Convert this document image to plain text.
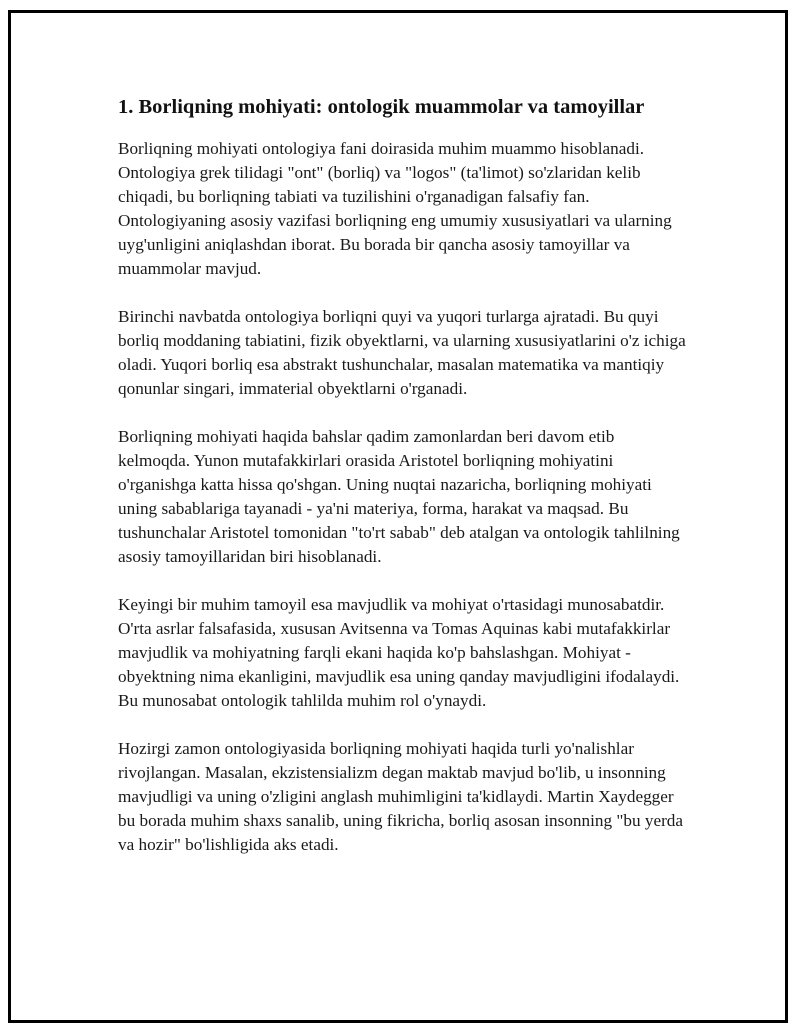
1. Borliqning mohiyati: ontologik muammolar va tamoyillar

Borliqning mohiyati ontologiya fani doirasida muhim muammo hisoblanadi. Ontologiya grek tilidagi "ont" (borliq) va "logos" (ta'limot) so'zlaridan kelib chiqadi, bu borliqning tabiati va tuzilishini o'rganadigan falsafiy fan. Ontologiyaning asosiy vazifasi borliqning eng umumiy xususiyatlari va ularning uyg'unligini aniqlashdan iborat. Bu borada bir qancha asosiy tamoyillar va muammolar mavjud.

Birinchi navbatda ontologiya borliqni quyi va yuqori turlarga ajratadi. Bu quyi borliq moddaning tabiatini, fizik obyektlarni, va ularning xususiyatlarini o'z ichiga oladi. Yuqori borliq esa abstrakt tushunchalar, masalan matematika va mantiqiy qonunlar singari, immaterial obyektlarni o'rganadi.

Borliqning mohiyati haqida bahslar qadim zamonlardan beri davom etib kelmoqda. Yunon mutafakkirlari orasida Aristotel borliqning mohiyatini o'rganishga katta hissa qo'shgan. Uning nuqtai nazaricha, borliqning mohiyati uning sabablariga tayanadi - ya'ni materiya, forma, harakat va maqsad. Bu tushunchalar Aristotel tomonidan "to'rt sabab" deb atalgan va ontologik tahlilning asosiy tamoyillaridan biri hisoblanadi.

Keyingi bir muhim tamoyil esa mavjudlik va mohiyat o'rtasidagi munosabatdir. O'rta asrlar falsafasida, xususan Avitsenna va Tomas Aquinas kabi mutafakkirlar mavjudlik va mohiyatning farqli ekani haqida ko'p bahslashgan. Mohiyat - obyektning nima ekanligini, mavjudlik esa uning qanday mavjudligini ifodalaydi. Bu munosabat ontologik tahlilda muhim rol o'ynaydi.

Hozirgi zamon ontologiyasida borliqning mohiyati haqida turli yo'nalishlar rivojlangan. Masalan, ekzistensializm degan maktab mavjud bo'lib, u insonning mavjudligi va uning o'zligini anglash muhimligini ta'kidlaydi. Martin Xaydegger bu borada muhim shaxs sanalib, uning fikricha, borliq asosan insonning "bu yerda va hozir" bo'lishligida aks etadi.
